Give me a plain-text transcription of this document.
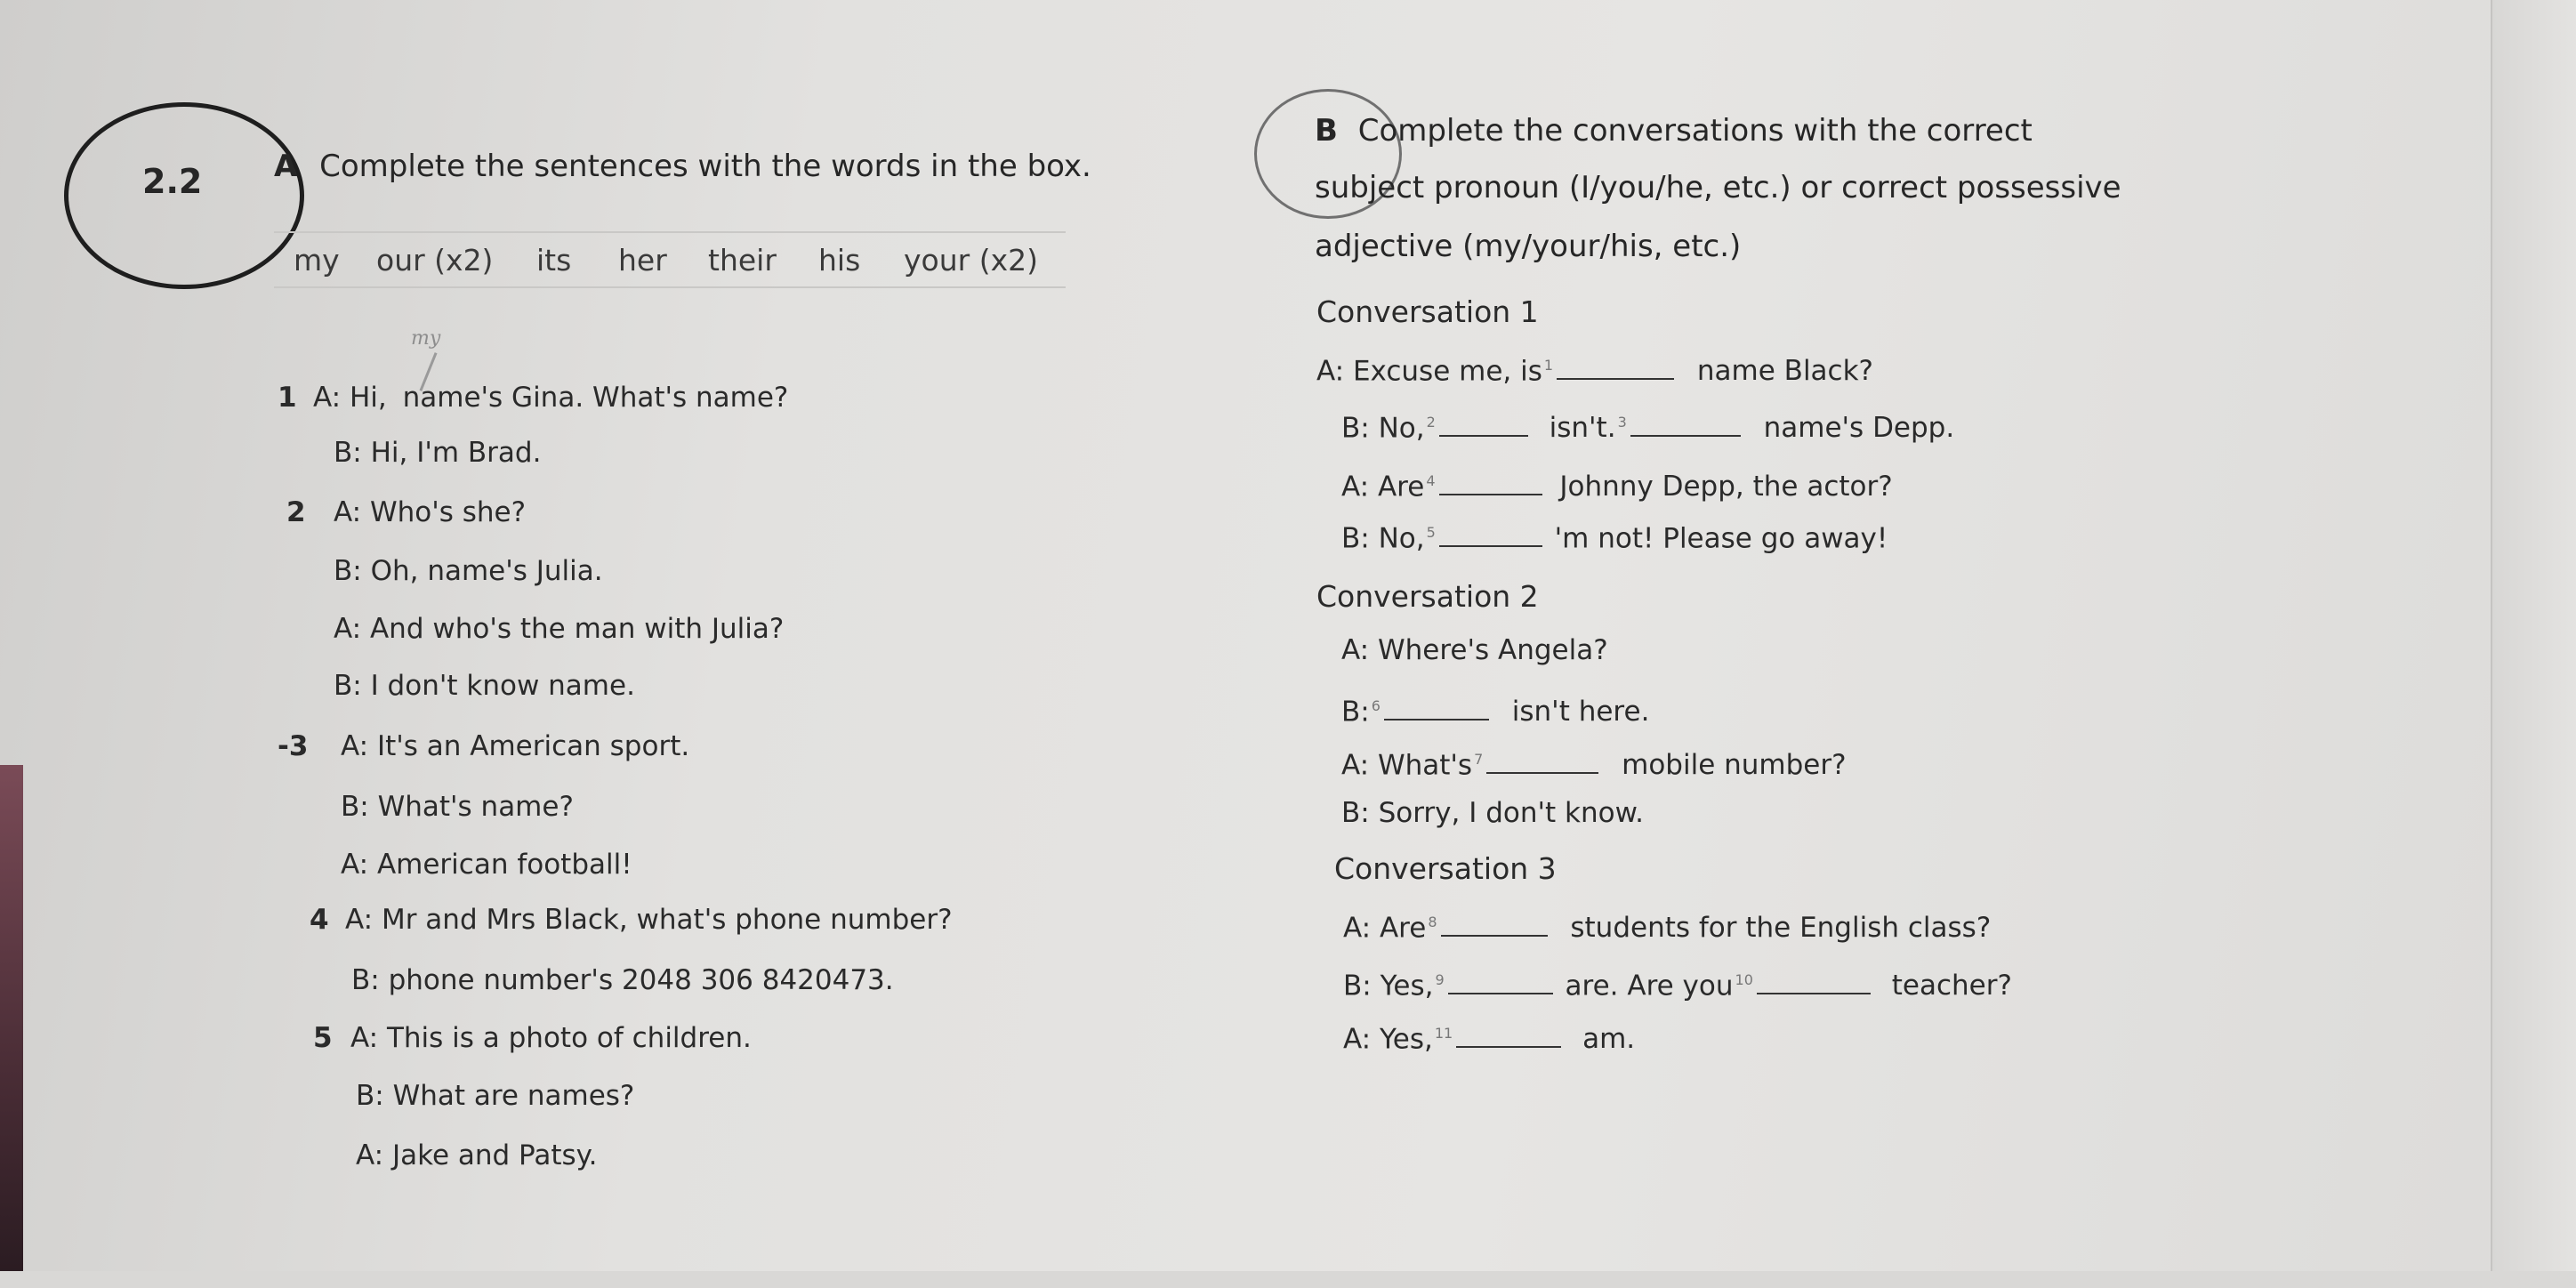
2.2 A Complete the sentences with the words in the box.
my our (x2) its her their his your (x2)
my
1 A: Hi, name's Gina. What's name?
B: Hi, I'm Brad.
2 A: Who's she?
B: Oh, name's Julia.
A: And who's the man with Julia?
B: I don't know name.
-3 A: It's an American sport.
B: What's name?
A: American football!
4 A: Mr and Mrs Black, what's phone number?
B: phone number's 2048 306 8420473.
5 A: This is a photo of children.
B: What are names?
A: Jake and Patsy.
B Complete the conversations with the correct
subject pronoun (I/you/he, etc.) or correct possessive
adjective (my/your/his, etc.)
Conversation 1
A: Excuse me, is $^1$	name Black?
B: No, $^2$	isn't. $^3$	name's Depp.
A: Are $^4$	Johnny Depp, the actor?
B: No, $^5$	'm not! Please go away!
Conversation 2
A: Where's Angela?
B: $^6$	isn't here.
A: What's $^7$	mobile number?
B: Sorry, I don't know.
Conversation 3
A: Are $^8$	students for the English class?
B: Yes, $^9$	are. Are you $^{10}$	teacher?
A: Yes, $^{11}$	am.
